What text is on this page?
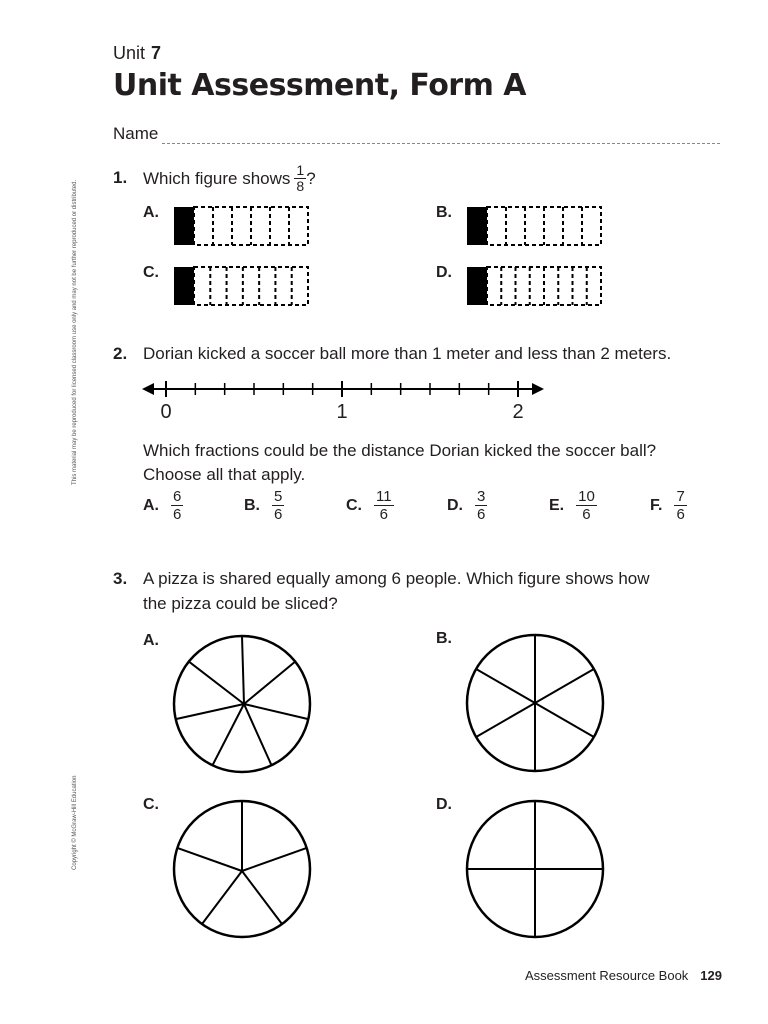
Unit 7
Unit Assessment, Form A
Name
This material may be reproduced for licensed classroom use only and may not be further reproduced or distributed.
Copyright © McGraw-Hill Education
1. Which figure shows $\frac{1}{8}$ ?
A.	B.
C.	D.
2. Dorian kicked a soccer ball more than 1 meter and less than 2 meters.
0	1	2
Which fractions could be the distance Dorian kicked the soccer ball?
Choose all that apply.
A. $\frac{6}{6}$	B. $\frac{5}{6}$	C. $\frac{11}{6}$	D. $\frac{3}{6}$	E. $\frac{10}{6}$	F. $\frac{7}{6}$
3. A pizza is shared equally among 6 people. Which figure shows how
the pizza could be sliced?
A.	B.
C.	D.
Assessment Resource Book 129
